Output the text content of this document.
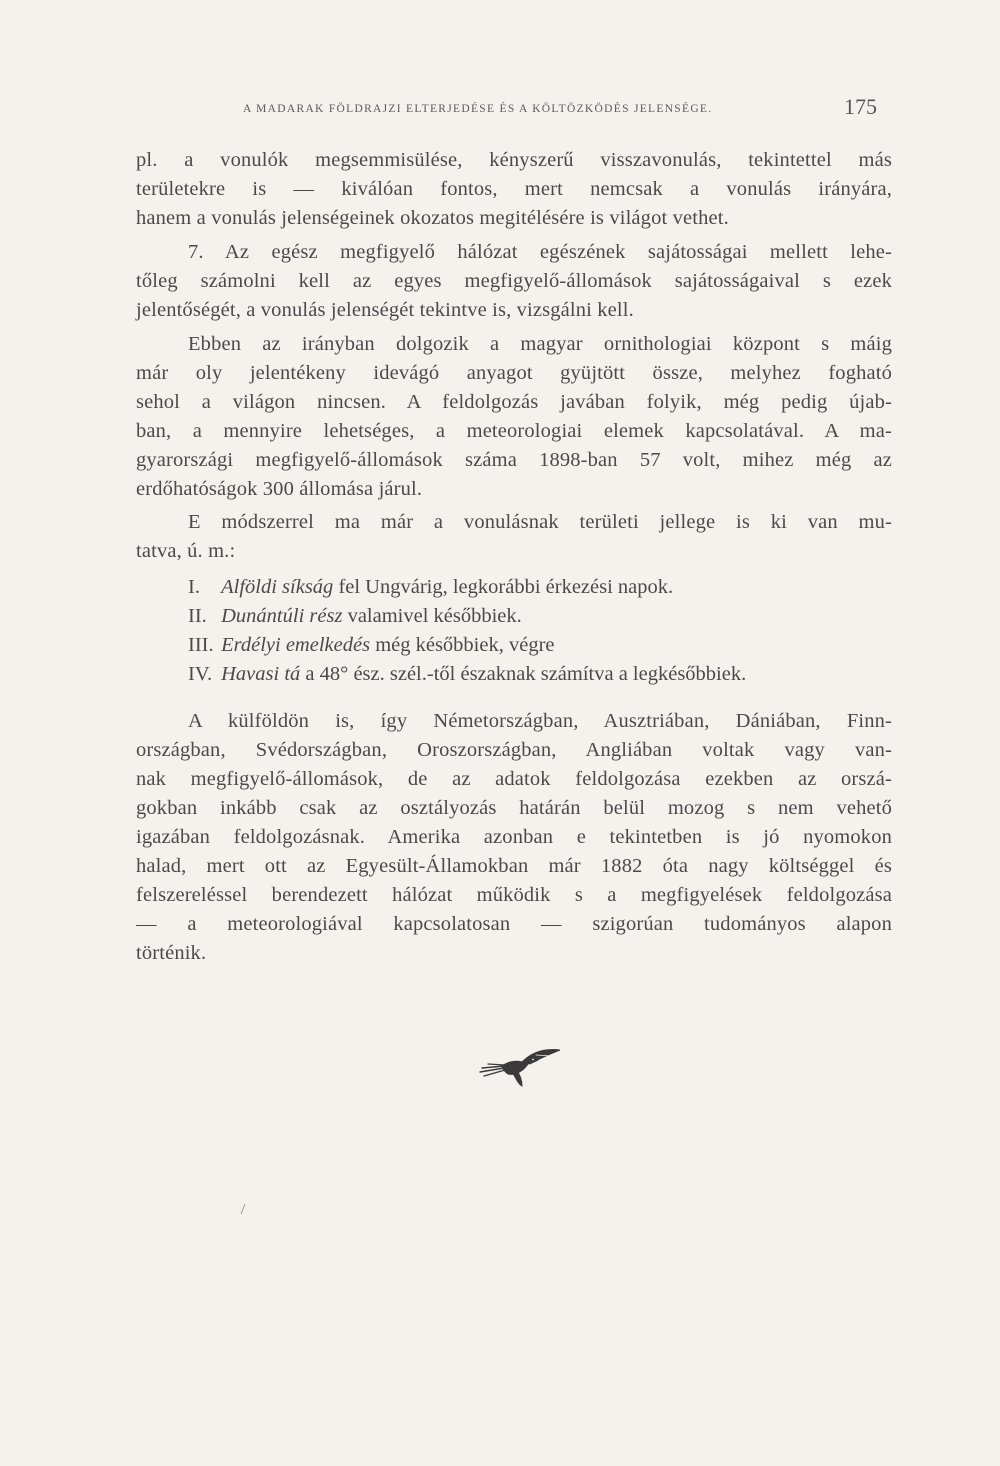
A MADARAK FÖLDRAJZI ELTERJEDÉSE ÉS A KÖLTÖZKÖDÉS JELENSÉGE.	175
pl. a vonulók megsemmisülése, kényszerű visszavonulás, tekintettel más
területekre is — kiválóan fontos, mert nemcsak a vonulás irányára,
hanem a vonulás jelenségeinek okozatos megitélésére is világot vethet.
7. Az egész megfigyelő hálózat egészének sajátosságai mellett lehe-
tőleg számolni kell az egyes megfigyelő-állomások sajátosságaival s ezek
jelentőségét, a vonulás jelenségét tekintve is, vizsgálni kell.
Ebben az irányban dolgozik a magyar ornithologiai központ s máig
már oly jelentékeny idevágó anyagot gyüjtött össze, melyhez fogható
sehol a világon nincsen. A feldolgozás javában folyik, még pedig újab-
ban, a mennyire lehetséges, a meteorologiai elemek kapcsolatával. A ma-
gyarországi megfigyelő-állomások száma 1898-ban 57 volt, mihez még az
erdőhatóságok 300 állomása járul.
E módszerrel ma már a vonulásnak területi jellege is ki van mu-
tatva, ú. m.:
I. Alföldi síkság fel Ungvárig, legkorábbi érkezési napok.
II. Dunántúli rész valamivel későbbiek.
III. Erdélyi emelkedés még későbbiek, végre
IV. Havasi tá a 48° ész. szél.-től északnak számítva a legkésőbbiek.
A külföldön is, így Németországban, Ausztriában, Dániában, Finn-
országban, Svédországban, Oroszországban, Angliában voltak vagy van-
nak megfigyelő-állomások, de az adatok feldolgozása ezekben az orszá-
gokban inkább csak az osztályozás határán belül mozog s nem vehető
igazában feldolgozásnak. Amerika azonban e tekintetben is jó nyomokon
halad, mert ott az Egyesült-Államokban már 1882 óta nagy költséggel és
felszereléssel berendezett hálózat működik s a megfigyelések feldolgozása
— a meteorologiával kapcsolatosan — szigorúan tudományos alapon
történik.
